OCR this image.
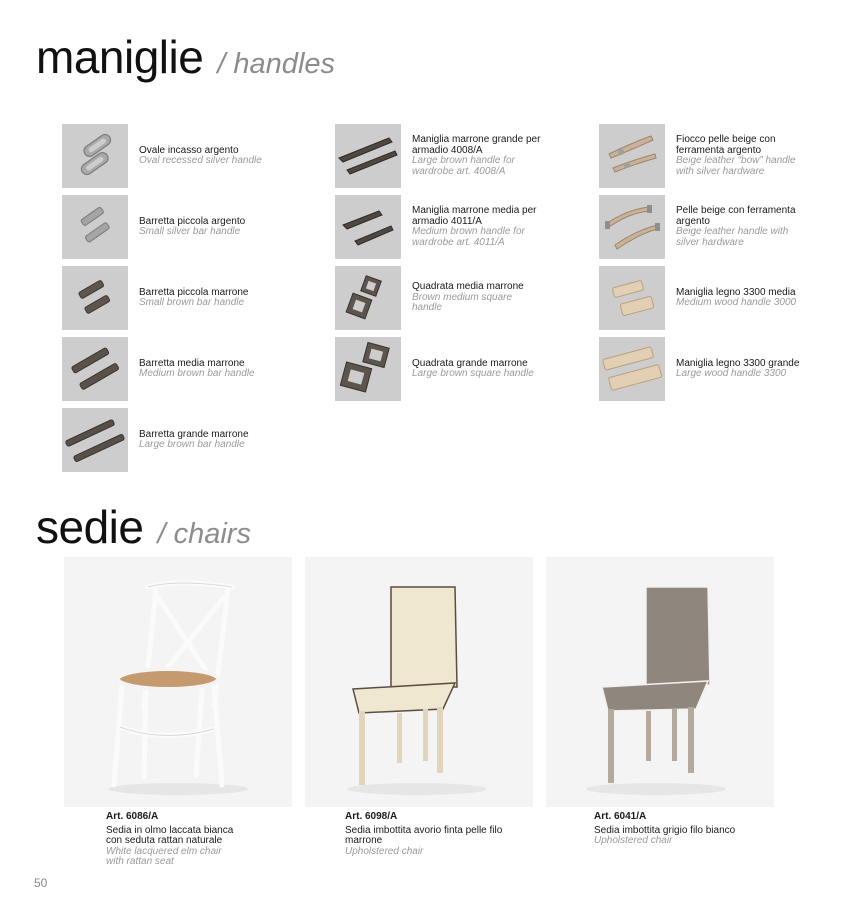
maniglie / handles
Ovale incasso argento
Oval recessed silver handle
Barretta piccola argento
Small silver bar handle
Barretta piccola marrone
Small brown bar handle
Barretta media marrone
Medium brown bar handle
Barretta grande marrone
Large brown bar handle
Maniglia marrone grande per armadio 4008/A
Large brown handle for wardrobe art. 4008/A
Maniglia marrone media per armadio 4011/A
Medium brown handle for wardrobe art. 4011/A
Quadrata media marrone
Brown medium square handle
Quadrata grande marrone
Large brown square handle
Fiocco pelle beige con ferramenta argento
Beige leather “bow” handle with silver hardware
Pelle beige con ferramenta argento
Beige leather handle with silver hardware
Maniglia legno 3300 media
Medium wood handle 3000
Maniglia legno 3300 grande
Large wood handle 3300
sedie / chairs
Art. 6086/A
Sedia in olmo laccata bianca con seduta rattan naturale
White lacquered elm chair with rattan seat
Art. 6098/A
Sedia imbottita avorio finta pelle filo marrone
Upholstered chair
Art. 6041/A
Sedia imbottita grigio filo bianco
Upholstered chair
50
